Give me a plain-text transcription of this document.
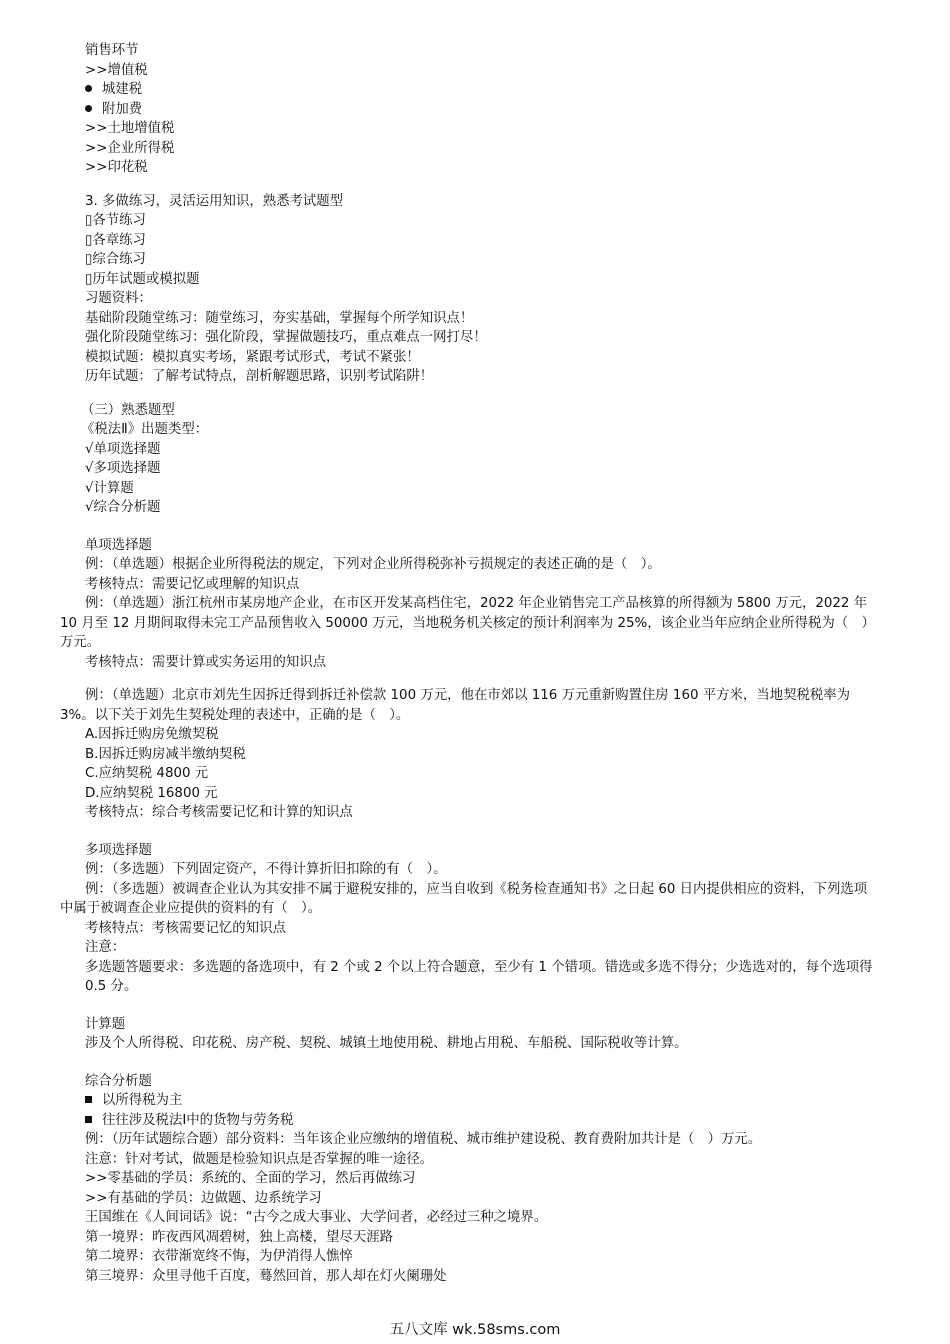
销售环节
>>增值税
城建税
附加费
>>土地增值税
>>企业所得税
>>印花税
3. 多做练习，灵活运用知识，熟悉考试题型
▯各节练习
▯各章练习
▯综合练习
▯历年试题或模拟题
习题资料：
基础阶段随堂练习：随堂练习，夯实基础，掌握每个所学知识点！
强化阶段随堂练习：强化阶段，掌握做题技巧，重点难点一网打尽！
模拟试题：模拟真实考场，紧跟考试形式，考试不紧张！
历年试题：了解考试特点，剖析解题思路，识别考试陷阱！
（三）熟悉题型
《税法Ⅱ》出题类型：
√单项选择题
√多项选择题
√计算题
√综合分析题
单项选择题
例：（单选题）根据企业所得税法的规定，下列对企业所得税弥补亏损规定的表述正确的是（　）。
考核特点：需要记忆或理解的知识点
例：（单选题）浙江杭州市某房地产企业，在市区开发某高档住宅，2022 年企业销售完工产品核算的所得额为 5800 万元，2022 年 10 月至 12 月期间取得未完工产品预售收入 50000 万元，当地税务机关核定的预计利润率为 25%，该企业当年应纳企业所得税为（　）万元。
考核特点：需要计算或实务运用的知识点
例：（单选题）北京市刘先生因拆迁得到拆迁补偿款 100 万元，他在市郊以 116 万元重新购置住房 160 平方米，当地契税税率为 3%。以下关于刘先生契税处理的表述中，正确的是（　）。
A.因拆迁购房免缴契税
B.因拆迁购房减半缴纳契税
C.应纳契税 4800 元
D.应纳契税 16800 元
考核特点：综合考核需要记忆和计算的知识点
多项选择题
例：（多选题）下列固定资产，不得计算折旧扣除的有（　）。
例：（多选题）被调查企业认为其安排不属于避税安排的，应当自收到《税务检查通知书》之日起 60 日内提供相应的资料，下列选项中属于被调查企业应提供的资料的有（　）。
考核特点：考核需要记忆的知识点
注意：
多选题答题要求：多选题的备选项中，有 2 个或 2 个以上符合题意，至少有 1 个错项。错选或多选不得分；少选选对的，每个选项得 0.5 分。
计算题
涉及个人所得税、印花税、房产税、契税、城镇土地使用税、耕地占用税、车船税、国际税收等计算。
综合分析题
以所得税为主
往往涉及税法Ⅰ中的货物与劳务税
例：（历年试题综合题）部分资料：当年该企业应缴纳的增值税、城市维护建设税、教育费附加共计是（　）万元。
注意：针对考试，做题是检验知识点是否掌握的唯一途径。
>>零基础的学员：系统的、全面的学习，然后再做练习
>>有基础的学员：边做题、边系统学习
王国维在《人间词话》说：“古今之成大事业、大学问者，必经过三种之境界。
第一境界：昨夜西风凋碧树，独上高楼，望尽天涯路
第二境界：衣带渐宽终不悔，为伊消得人憔悴
第三境界：众里寻他千百度，蓦然回首，那人却在灯火阑珊处
五八文库 wk.58sms.com
